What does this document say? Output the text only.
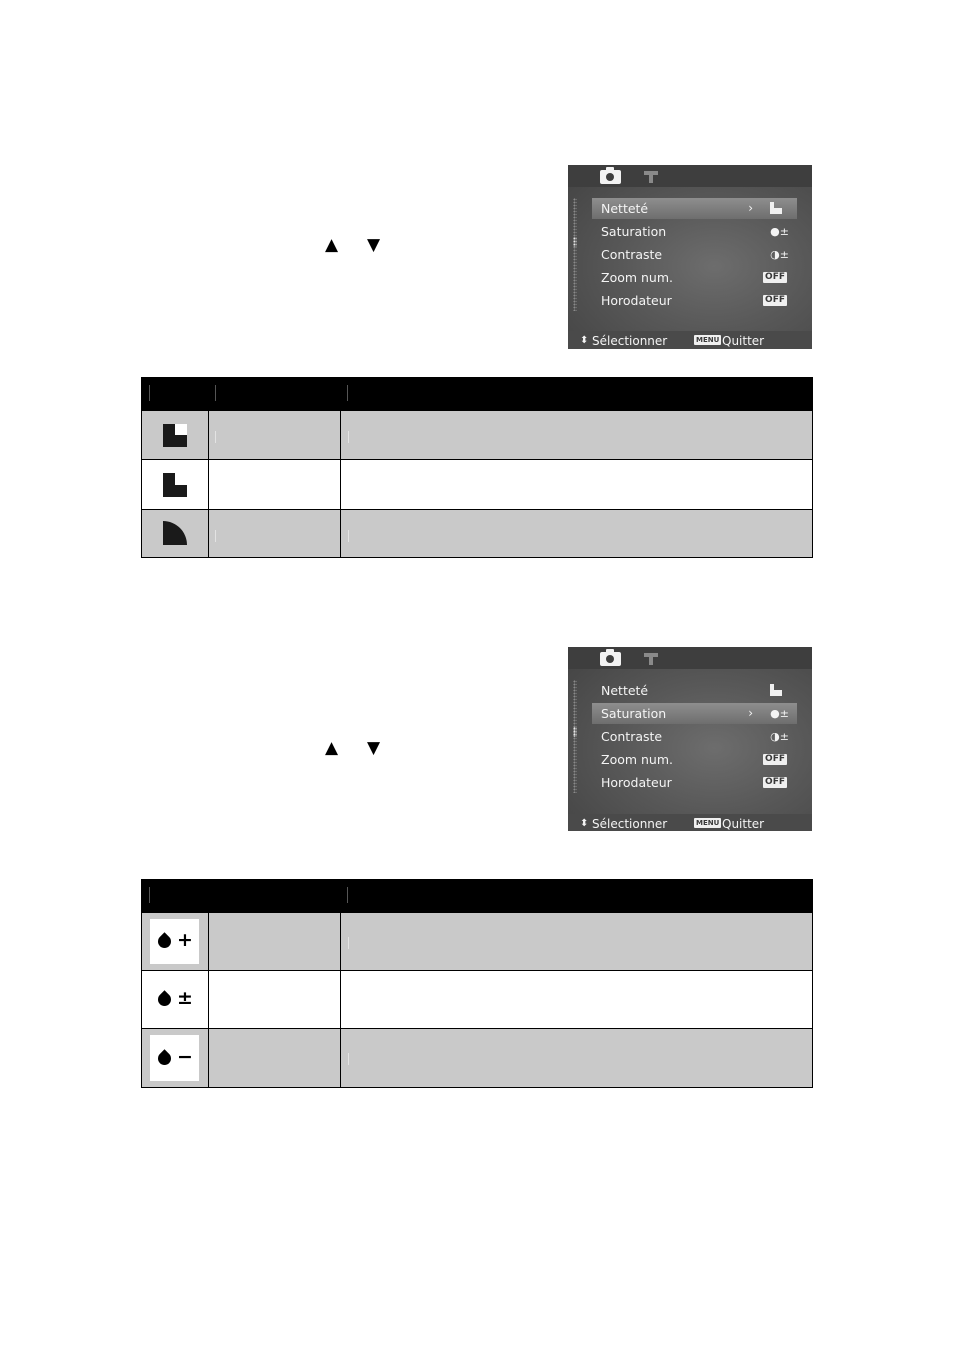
▲ ▼
Netteté	›
Saturation	●±
Contraste	◑±
Zoom num.	OFF
Horodateur	OFF
⬍ Sélectionner	MENU Quitter
▲ ▼
Netteté
Saturation	› ●±
Contraste	◑±
Zoom num.	OFF
Horodateur	OFF
⬍ Sélectionner	MENU Quitter
+
±
−
